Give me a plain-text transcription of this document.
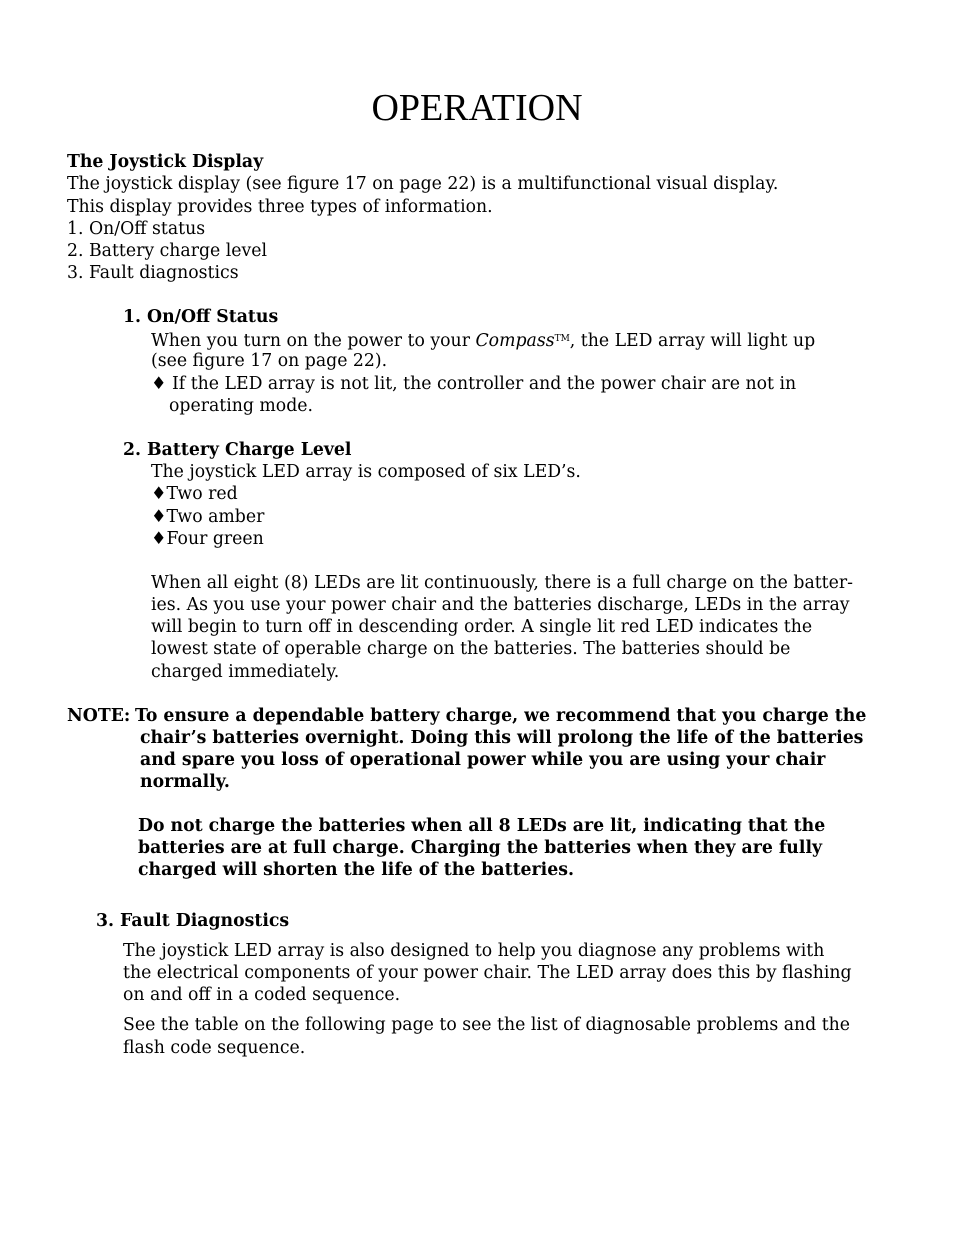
OPERATION

The Joystick Display

The joystick display (see figure 17 on page 22) is a multifunctional visual display.

This display provides three types of information.

1. On/Off status

2. Battery charge level

3. Fault diagnostics

1. On/Off Status

When you turn on the power to your Compass™, the LED array will light up

(see figure 17 on page 22).

♦ If the LED array is not lit, the controller and the power chair are not in

operating mode.

2. Battery Charge Level

The joystick LED array is composed of six LED’s.

♦Two red

♦Two amber

♦Four green

When all eight (8) LEDs are lit continuously, there is a full charge on the batter-

ies. As you use your power chair and the batteries discharge, LEDs in the array

will begin to turn off in descending order. A single lit red LED indicates the

lowest state of operable charge on the batteries. The batteries should be

charged immediately.

NOTE: To ensure a dependable battery charge, we recommend that you charge the

chair’s batteries overnight. Doing this will prolong the life of the batteries

and spare you loss of operational power while you are using your chair

normally.

Do not charge the batteries when all 8 LEDs are lit, indicating that the

batteries are at full charge. Charging the batteries when they are fully

charged will shorten the life of the batteries.

3. Fault Diagnostics

The joystick LED array is also designed to help you diagnose any problems with

the electrical components of your power chair. The LED array does this by flashing

on and off in a coded sequence.

See the table on the following page to see the list of diagnosable problems and the

flash code sequence.
